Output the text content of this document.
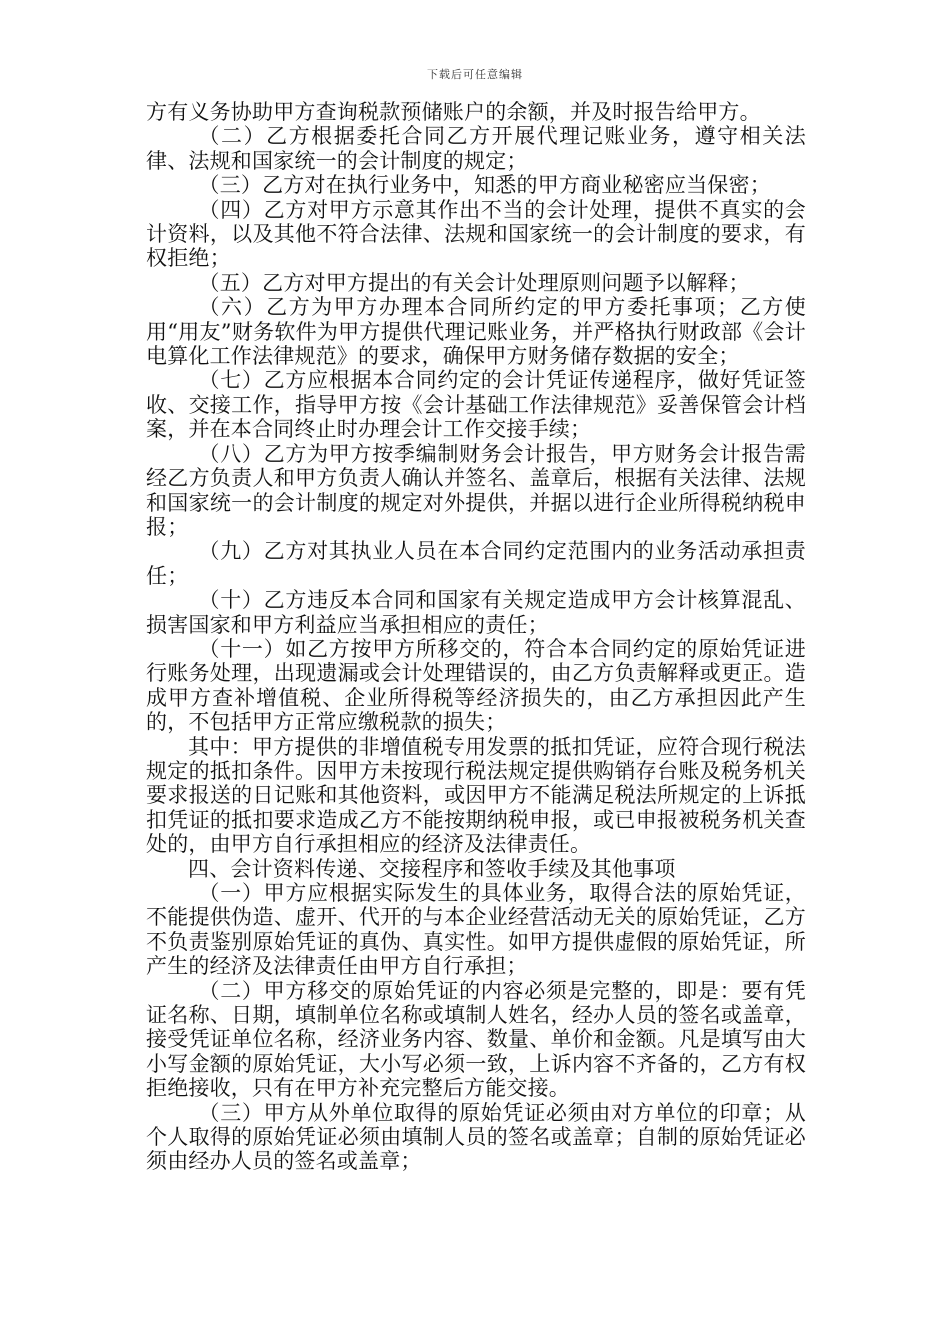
下载后可任意编辑

方有义务协助甲方查询税款预储账户的余额，并及时报告给甲方。

（二）乙方根据委托合同乙方开展代理记账业务，遵守相关法律、法规和国家统一的会计制度的规定；

（三）乙方对在执行业务中，知悉的甲方商业秘密应当保密；

（四）乙方对甲方示意其作出不当的会计处理，提供不真实的会计资料，以及其他不符合法律、法规和国家统一的会计制度的要求，有权拒绝；

（五）乙方对甲方提出的有关会计处理原则问题予以解释；

（六）乙方为甲方办理本合同所约定的甲方委托事项；乙方使用“用友”财务软件为甲方提供代理记账业务，并严格执行财政部《会计电算化工作法律规范》的要求，确保甲方财务储存数据的安全；

（七）乙方应根据本合同约定的会计凭证传递程序，做好凭证签收、交接工作，指导甲方按《会计基础工作法律规范》妥善保管会计档案，并在本合同终止时办理会计工作交接手续；

（八）乙方为甲方按季编制财务会计报告，甲方财务会计报告需经乙方负责人和甲方负责人确认并签名、盖章后，根据有关法律、法规和国家统一的会计制度的规定对外提供，并据以进行企业所得税纳税申报；

（九）乙方对其执业人员在本合同约定范围内的业务活动承担责任；

（十）乙方违反本合同和国家有关规定造成甲方会计核算混乱、损害国家和甲方利益应当承担相应的责任；

（十一）如乙方按甲方所移交的，符合本合同约定的原始凭证进行账务处理，出现遗漏或会计处理错误的，由乙方负责解释或更正。造成甲方查补增值税、企业所得税等经济损失的，由乙方承担因此产生的，不包括甲方正常应缴税款的损失；

其中：甲方提供的非增值税专用发票的抵扣凭证，应符合现行税法规定的抵扣条件。因甲方未按现行税法规定提供购销存台账及税务机关要求报送的日记账和其他资料，或因甲方不能满足税法所规定的上诉抵扣凭证的抵扣要求造成乙方不能按期纳税申报，或已申报被税务机关查处的，由甲方自行承担相应的经济及法律责任。

四、会计资料传递、交接程序和签收手续及其他事项

（一）甲方应根据实际发生的具体业务，取得合法的原始凭证，不能提供伪造、虚开、代开的与本企业经营活动无关的原始凭证，乙方不负责鉴别原始凭证的真伪、真实性。如甲方提供虚假的原始凭证，所产生的经济及法律责任由甲方自行承担；

（二）甲方移交的原始凭证的内容必须是完整的，即是：要有凭证名称、日期，填制单位名称或填制人姓名，经办人员的签名或盖章，接受凭证单位名称，经济业务内容、数量、单价和金额。凡是填写由大小写金额的原始凭证，大小写必须一致，上诉内容不齐备的，乙方有权拒绝接收，只有在甲方补充完整后方能交接。

（三）甲方从外单位取得的原始凭证必须由对方单位的印章；从个人取得的原始凭证必须由填制人员的签名或盖章；自制的原始凭证必须由经办人员的签名或盖章；
